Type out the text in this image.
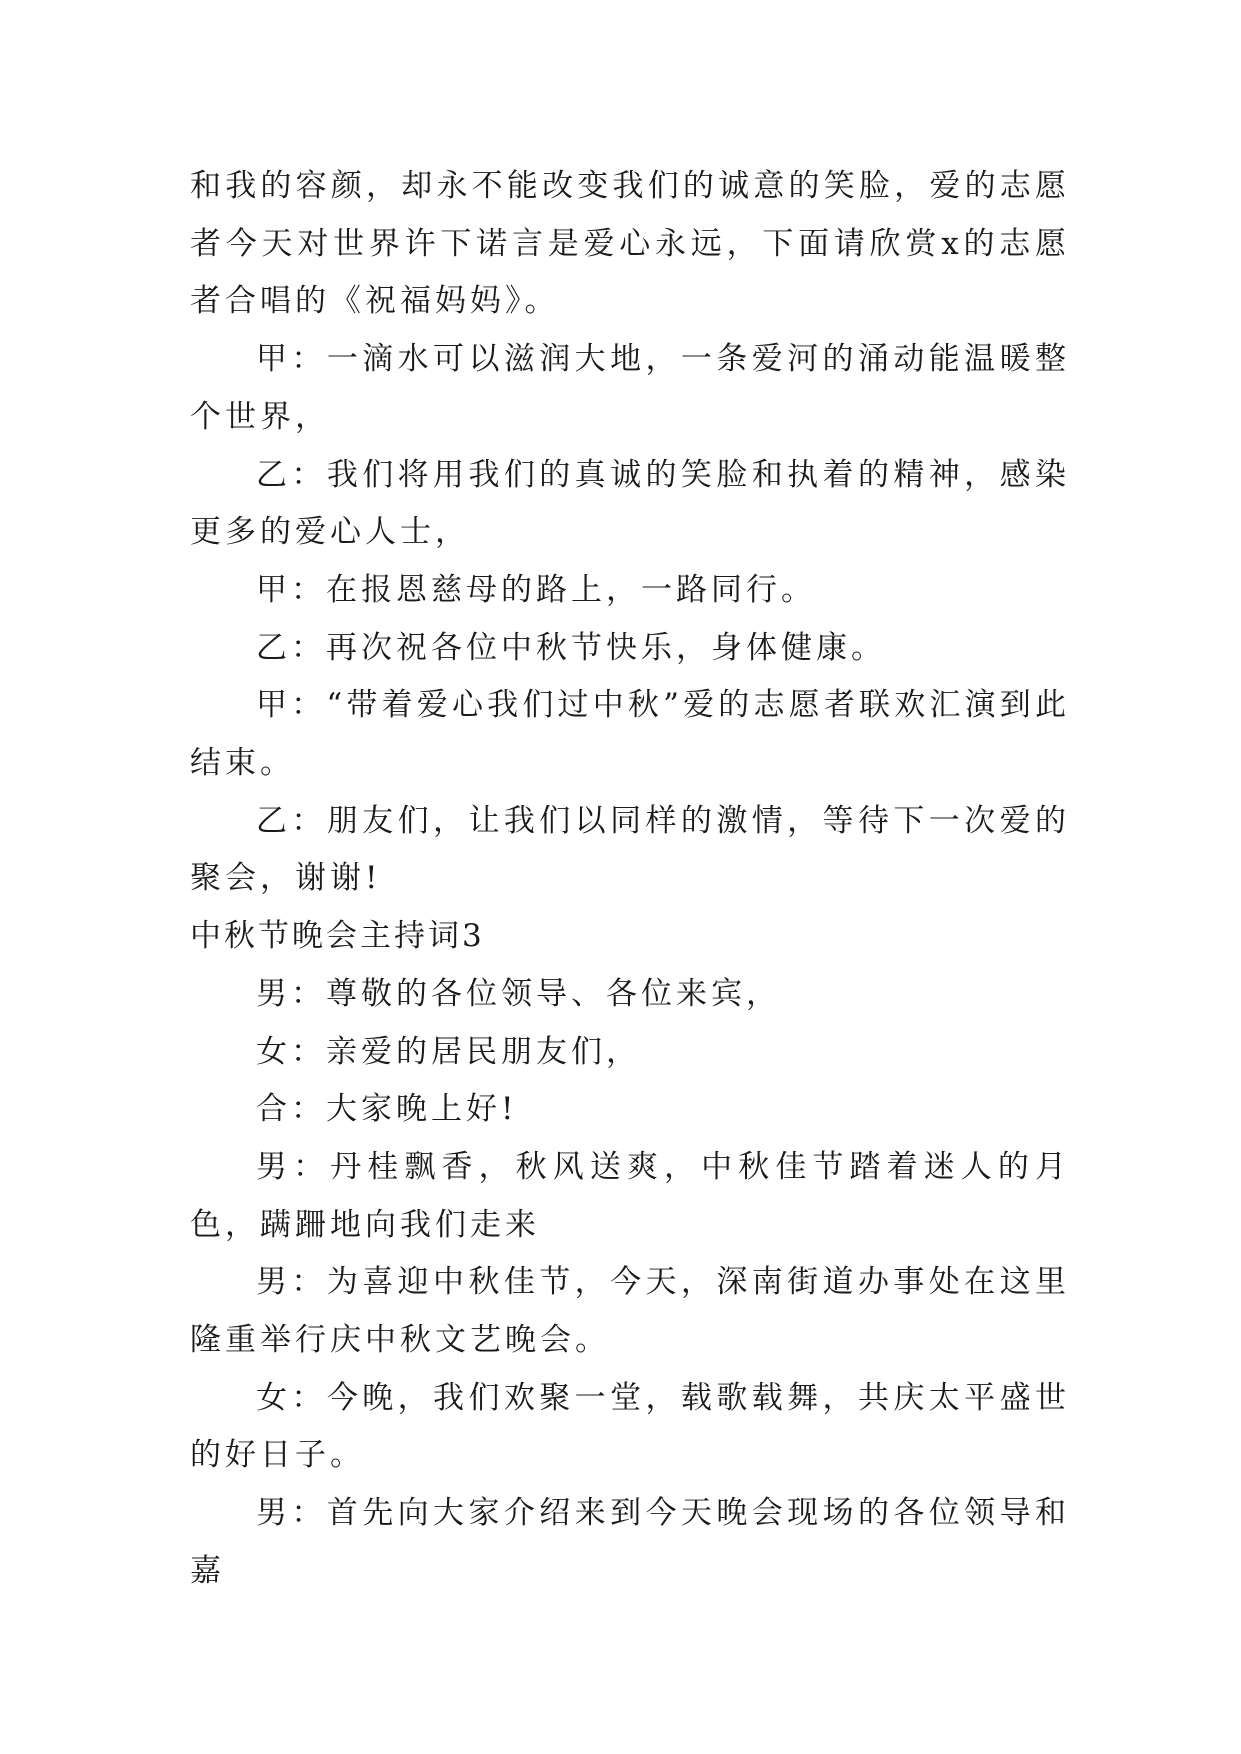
和我的容颜，却永不能改变我们的诚意的笑脸，爱的志愿者今天对世界许下诺言是爱心永远，下面请欣赏x的志愿者合唱的《祝福妈妈》。

甲：一滴水可以滋润大地，一条爱河的涌动能温暖整个世界，

乙：我们将用我们的真诚的笑脸和执着的精神，感染更多的爱心人士，

甲：在报恩慈母的路上，一路同行。

乙：再次祝各位中秋节快乐，身体健康。

甲：“带着爱心我们过中秋”爱的志愿者联欢汇演到此结束。

乙：朋友们，让我们以同样的激情，等待下一次爱的聚会，谢谢!

中秋节晚会主持词3

男：尊敬的各位领导、各位来宾，

女：亲爱的居民朋友们，

合：大家晚上好!

男：丹桂飘香，秋风送爽，中秋佳节踏着迷人的月色，蹒跚地向我们走来

男：为喜迎中秋佳节，今天，深南街道办事处在这里隆重举行庆中秋文艺晚会。

女：今晚，我们欢聚一堂，载歌载舞，共庆太平盛世的好日子。

男：首先向大家介绍来到今天晚会现场的各位领导和嘉
